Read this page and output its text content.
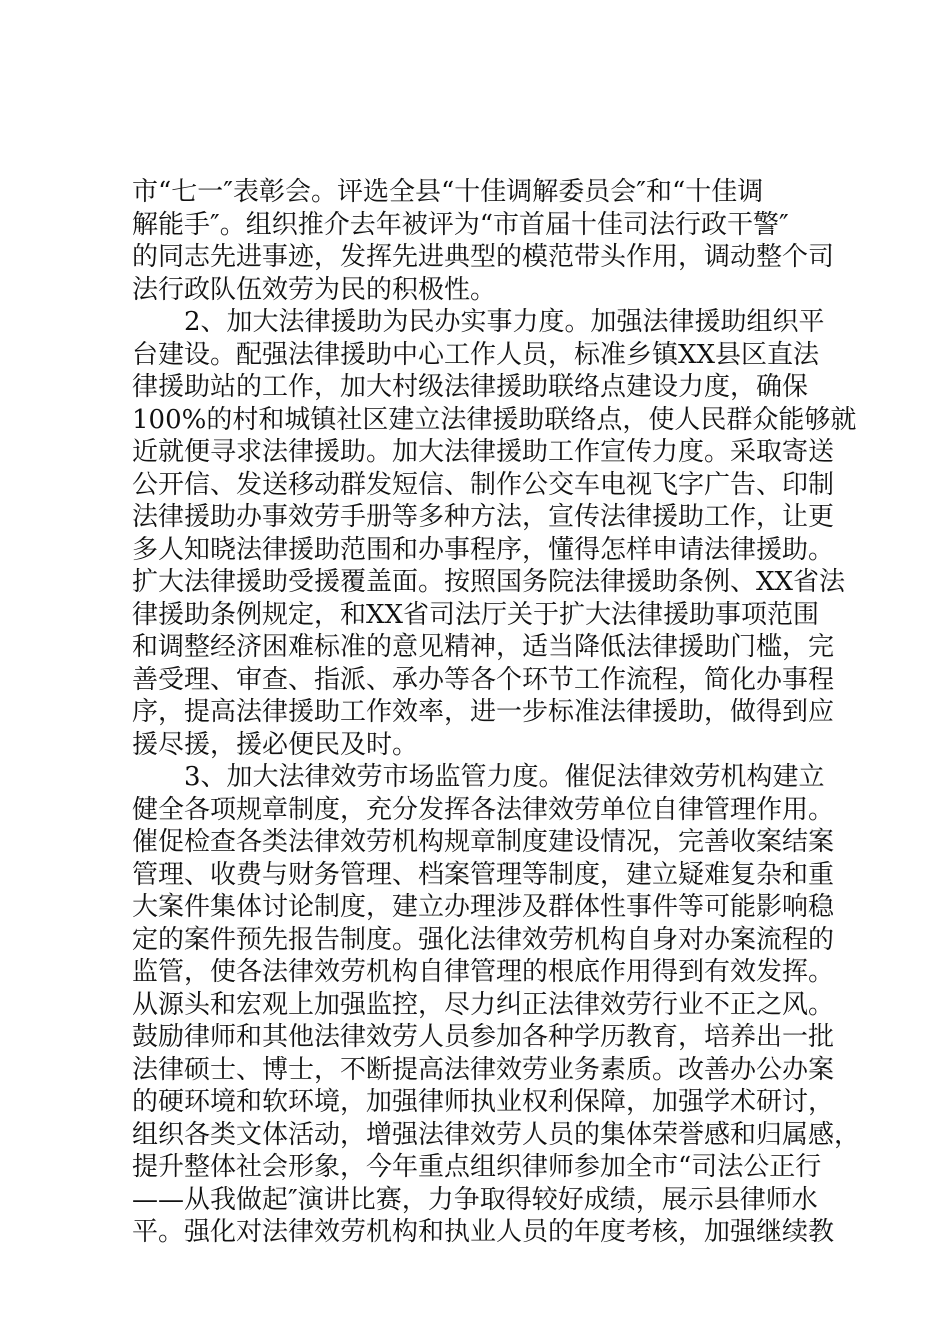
市“七一″表彰会。评选全县“十佳调解委员会″和“十佳调
解能手″。组织推介去年被评为“市首届十佳司法行政干警″
的同志先进事迹，发挥先进典型的模范带头作用，调动整个司
法行政队伍效劳为民的积极性。
　　2、加大法律援助为民办实事力度。加强法律援助组织平
台建设。配强法律援助中心工作人员，标准乡镇XX县区直法
律援助站的工作，加大村级法律援助联络点建设力度，确保
100%的村和城镇社区建立法律援助联络点，使人民群众能够就
近就便寻求法律援助。加大法律援助工作宣传力度。采取寄送
公开信、发送移动群发短信、制作公交车电视飞字广告、印制
法律援助办事效劳手册等多种方法，宣传法律援助工作，让更
多人知晓法律援助范围和办事程序，懂得怎样申请法律援助。
扩大法律援助受援覆盖面。按照国务院法律援助条例、XX省法
律援助条例规定，和XX省司法厅关于扩大法律援助事项范围
和调整经济困难标准的意见精神，适当降低法律援助门槛，完
善受理、审查、指派、承办等各个环节工作流程，简化办事程
序，提高法律援助工作效率，进一步标准法律援助，做得到应
援尽援，援必便民及时。
　　3、加大法律效劳市场监管力度。催促法律效劳机构建立
健全各项规章制度，充分发挥各法律效劳单位自律管理作用。
催促检查各类法律效劳机构规章制度建设情况，完善收案结案
管理、收费与财务管理、档案管理等制度，建立疑难复杂和重
大案件集体讨论制度，建立办理涉及群体性事件等可能影响稳
定的案件预先报告制度。强化法律效劳机构自身对办案流程的
监管，使各法律效劳机构自律管理的根底作用得到有效发挥。
从源头和宏观上加强监控，尽力纠正法律效劳行业不正之风。
鼓励律师和其他法律效劳人员参加各种学历教育，培养出一批
法律硕士、博士，不断提高法律效劳业务素质。改善办公办案
的硬环境和软环境，加强律师执业权利保障，加强学术研讨，
组织各类文体活动，增强法律效劳人员的集体荣誉感和归属感，
提升整体社会形象，今年重点组织律师参加全市“司法公正行
——从我做起″演讲比赛，力争取得较好成绩，展示县律师水
平。强化对法律效劳机构和执业人员的年度考核，加强继续教
